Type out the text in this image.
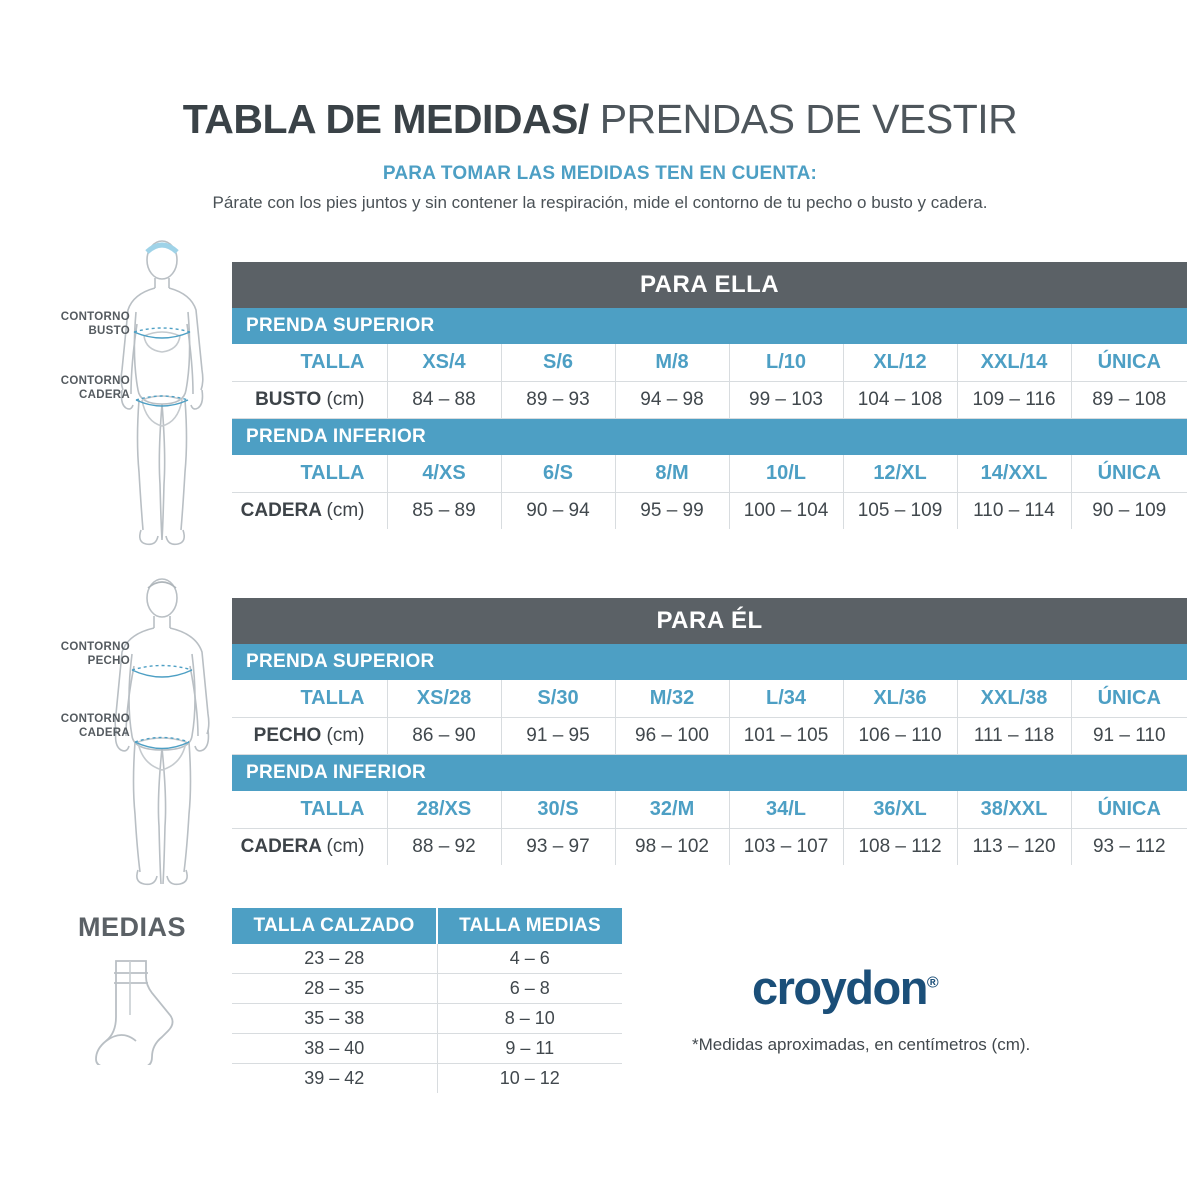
TABLA DE MEDIDAS/ PRENDAS DE VESTIR
PARA TOMAR LAS MEDIDAS TEN EN CUENTA:
Párate con los pies juntos y sin contener la respiración, mide el contorno de tu pecho o busto y cadera.
CONTORNO
BUSTO
CONTORNO
CADERA
PARA ELLA							
PRENDA SUPERIOR							
TALLA	XS/4	S/6	M/8	L/10	XL/12	XXL/14	ÚNICA
BUSTO (cm)	84 – 88	89 – 93	94 – 98	99 – 103	104 – 108	109 – 116	89 – 108
PRENDA INFERIOR							
TALLA	4/XS	6/S	8/M	10/L	12/XL	14/XXL	ÚNICA
CADERA (cm)	85 – 89	90 – 94	95 – 99	100 – 104	105 – 109	110 – 114	90 – 109
CONTORNO
PECHO
CONTORNO
CADERA
PARA ÉL							
PRENDA SUPERIOR							
TALLA	XS/28	S/30	M/32	L/34	XL/36	XXL/38	ÚNICA
PECHO (cm)	86 – 90	91 – 95	96 – 100	101 – 105	106 – 110	111 – 118	91 – 110
PRENDA INFERIOR							
TALLA	28/XS	30/S	32/M	34/L	36/XL	38/XXL	ÚNICA
CADERA (cm)	88 – 92	93 – 97	98 – 102	103 – 107	108 – 112	113 – 120	93 – 112
MEDIAS	TALLA CALZADO	TALLA MEDIAS
23 – 28	4 – 6
28 – 35	6 – 8
35 – 38	8 – 10
38 – 40	9 – 11
39 – 42	10 – 12
croydon®
*Medidas aproximadas, en centímetros (cm).
